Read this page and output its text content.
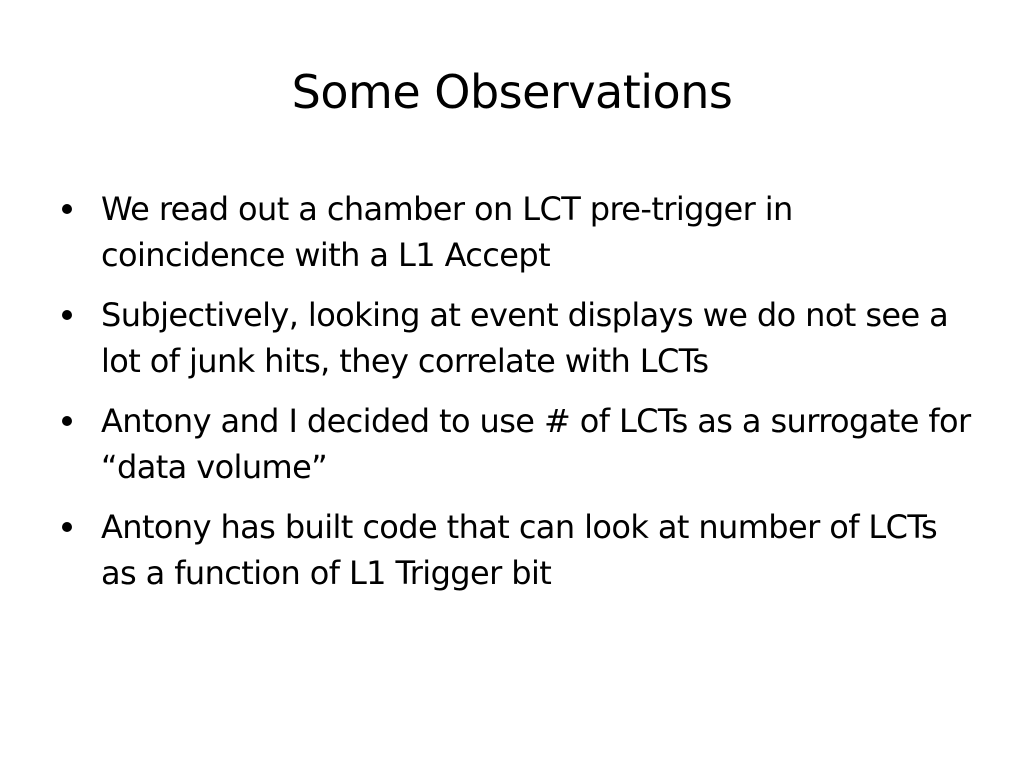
Some Observations
We read out a chamber on LCT pre-trigger in coincidence with a L1 Accept
Subjectively, looking at event displays we do not see a lot of junk hits, they correlate with LCTs
Antony and I decided to use # of LCTs as a surrogate for “data volume”
Antony has built code that can look at number of LCTs as a function of L1 Trigger bit
